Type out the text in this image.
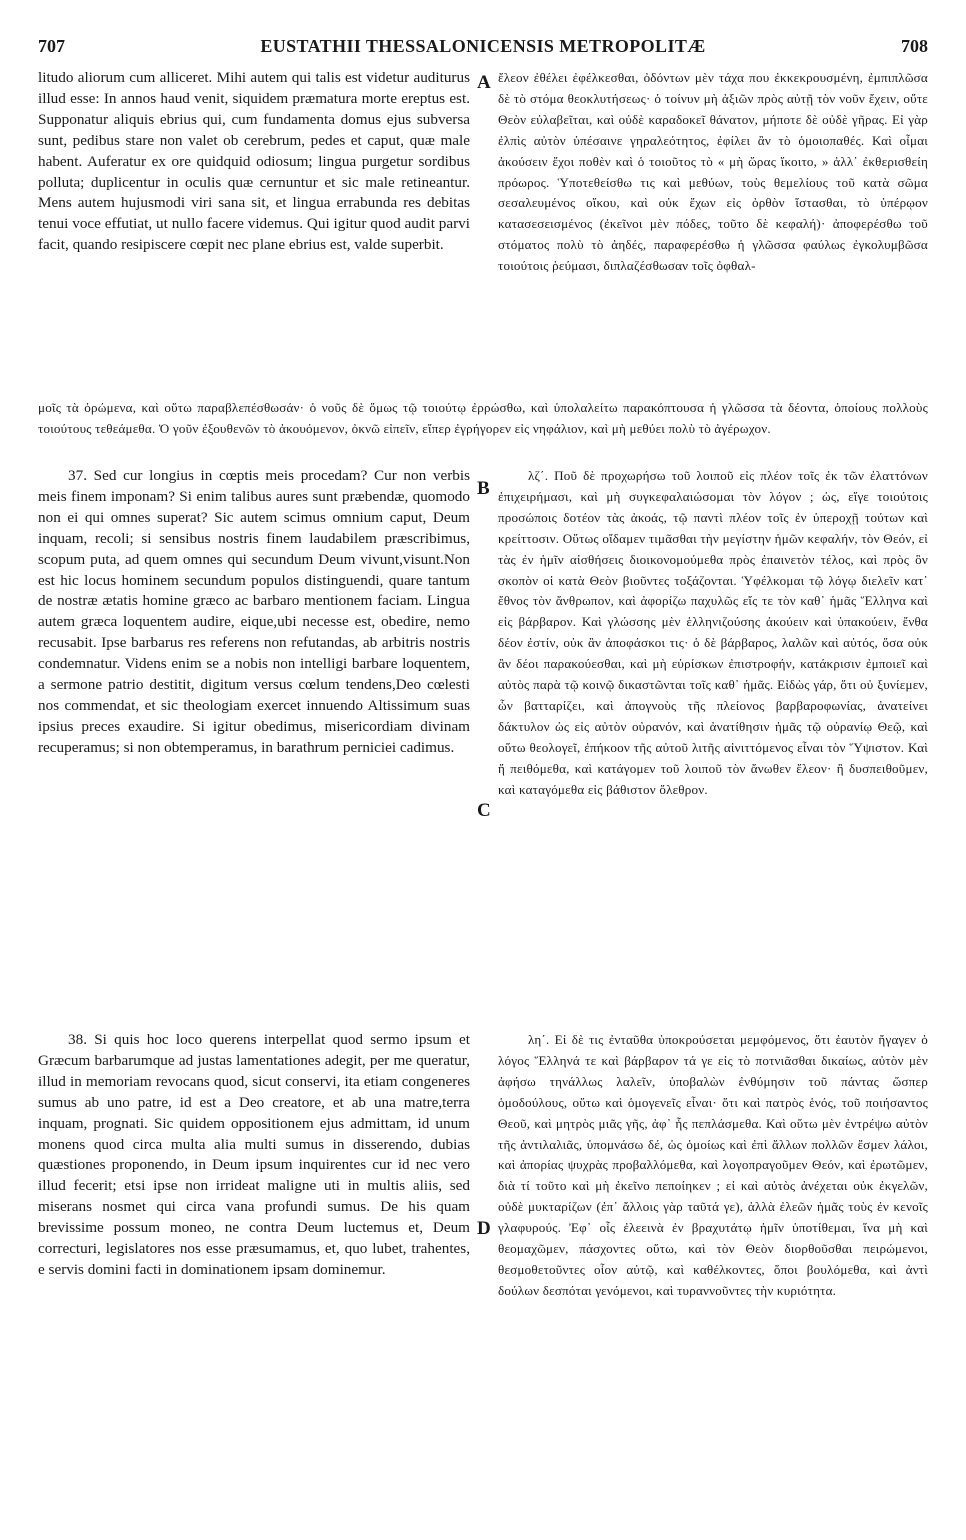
707	EUSTATHII THESSALONICENSIS METROPOLITÆ	708

litudo aliorum cum alliceret. Mihi autem qui talis est videtur auditurus illud esse: In annos haud venit, siquidem præmatura morte ereptus est. Supponatur aliquis ebrius qui, cum fundamenta domus ejus subversa sunt, pedibus stare non valet ob cerebrum, pedes et caput, quæ male habent. Auferatur ex ore quidquid odiosum; lingua purgetur sordibus polluta; duplicentur in oculis quæ cernuntur et sic male retineantur. Mens autem hujusmodi viri sana sit, et lingua errabunda res debitas tenui voce effutiat, ut nullo facere videmus. Qui igitur quod audit parvi facit, quando resipiscere cœpit nec plane ebrius est, valde superbit.

ἔλεον ἐθέλει ἐφέλκεσθαι, ὀδόντων μὲν τάχα που ἐκκεκρουσμένη, ἐμπιπλῶσα δὲ τὸ στόμα θεοκλυτήσεως· ὁ τοίνυν μὴ ἀξιῶν πρὸς αὐτῇ τὸν νοῦν ἔχειν, οὔτε Θεὸν εὐλαβεῖται, καὶ οὐδὲ καραδοκεῖ θάνατον, μήποτε δὲ οὐδὲ γῆρας. Εἰ γὰρ ἐλπὶς αὐτὸν ὑπέσαινε γηραλεότητος, ἐφίλει ἂν τὸ ὁμοιοπαθές. Καὶ οἶμαι ἀκούσειν ἔχοι ποθὲν καὶ ὁ τοιοῦτος τὸ « μὴ ὥρας ἵκοιτο, » ἀλλ᾽ ἐκθερισθείη πρόωρος. Ὑποτεθείσθω τις καὶ μεθύων, τοὺς θεμελίους τοῦ κατὰ σῶμα σεσαλευμένος οἴκου, καὶ οὐκ ἔχων εἰς ὀρθὸν ἵστασθαι, τὸ ὑπέρῳον κατασεσεισμένος (ἐκεῖνοι μὲν πόδες, τοῦτο δὲ κεφαλή)· ἀποφερέσθω τοῦ στόματος πολὺ τὸ ἀηδές, παραφερέσθω ἡ γλῶσσα φαύλως ἐγκολυμβῶσα τοιούτοις ῥεύμασι, διπλαζέσθωσαν τοῖς ὀφθαλ-

μοῖς τὰ ὁρώμενα, καὶ οὕτω παραβλεπέσθωσάν· ὁ νοῦς δὲ ὅμως τῷ τοιούτῳ ἐρρώσθω, καὶ ὑπολαλείτω παρακόπτουσα ἡ γλῶσσα τὰ δέοντα, ὁποίους πολλοὺς τοιούτους τεθεάμεθα. Ὁ γοῦν ἐξουθενῶν τὸ ἀκουόμενον, ὀκνῶ εἰπεῖν, εἴπερ ἐγρήγορεν εἰς νηφάλιον, καὶ μὴ μεθύει πολὺ τὸ ἀγέρωχον.

37. Sed cur longius in cœptis meis procedam? Cur non verbis meis finem imponam? Si enim talibus aures sunt præbendæ, quomodo non ei qui omnes superat? Sic autem scimus omnium caput, Deum inquam, recoli; si sensibus nostris finem laudabilem præscribimus, scopum puta, ad quem omnes qui secundum Deum vivunt,visunt.Non est hic locus hominem secundum populos distinguendi, quare tantum de nostræ ætatis homine græco ac barbaro mentionem faciam. Lingua autem græca loquentem audire, eique,ubi necesse est, obedire, nemo recusabit. Ipse barbarus res referens non refutandas, ab arbitris nostris condemnatur. Videns enim se a nobis non intelligi barbare loquentem, a sermone patrio destitit, digitum versus cœlum tendens,Deo cœlesti nos commendat, et sic theologiam exercet innuendo Altissimum suas ipsius preces exaudire. Si igitur obedimus, misericordiam divinam recuperamus; si non obtemperamus, in barathrum perniciei cadimus.

λζ΄. Ποῦ δὲ προχωρήσω τοῦ λοιποῦ εἰς πλέον τοῖς ἐκ τῶν ἐλαττόνων ἐπιχειρήμασι, καὶ μὴ συγκεφαλαιώσομαι τὸν λόγον ; ὡς, εἴγε τοιούτοις προσώποις δοτέον τὰς ἀκοάς, τῷ παντὶ πλέον τοῖς ἐν ὑπεροχῇ τούτων καὶ κρείττοσιν. Οὕτως οἴδαμεν τιμᾶσθαι τὴν μεγίστην ἡμῶν κεφαλήν, τὸν Θεόν, εἰ τὰς ἐν ἡμῖν αἰσθήσεις διοικονομούμεθα πρὸς ἐπαινετὸν τέλος, καὶ πρὸς ὃν σκοπὸν οἱ κατὰ Θεὸν βιοῦντες τοξάζονται. Ὑφέλκομαι τῷ λόγῳ διελεῖν κατ᾽ ἔθνος τὸν ἄνθρωπον, καὶ ἀφορίζω παχυλῶς εἴς τε τὸν καθ᾽ ἡμᾶς Ἕλληνα καὶ εἰς βάρβαρον. Καὶ γλώσσης μὲν ἑλληνιζούσης ἀκούειν καὶ ὑπακούειν, ἔνθα δέον ἐστίν, οὐκ ἂν ἀποφάσκοι τις· ὁ δὲ βάρβαρος, λαλῶν καὶ αὐτός, ὅσα οὐκ ἂν δέοι παρακούεσθαι, καὶ μὴ εὑρίσκων ἐπιστροφήν, κατάκρισιν ἐμποιεῖ καὶ αὐτὸς παρὰ τῷ κοινῷ δικαστῶνται τοῖς καθ᾽ ἡμᾶς. Εἰδὼς γάρ, ὅτι οὐ ξυνίεμεν, ὧν βατταρίζει, καὶ ἀπογνοὺς τῆς πλείονος βαρβαροφωνίας, ἀνατείνει δάκτυλον ὡς εἰς αὐτὸν οὐρανόν, καὶ ἀνατίθησιν ἡμᾶς τῷ οὐρανίῳ Θεῷ, καὶ οὕτω θεολογεῖ, ἐπήκοον τῆς αὐτοῦ λιτῆς αἰνιττόμενος εἶναι τὸν Ὕψιστον. Καὶ ἤ πειθόμεθα, καὶ κατάγομεν τοῦ λοιποῦ τὸν ἄνωθεν ἔλεον· ἢ δυσπειθοῦμεν, καὶ καταγόμεθα εἰς βάθιστον ὄλεθρον.

38. Si quis hoc loco querens interpellat quod sermo ipsum et Græcum barbarumque ad justas lamentationes adegit, per me queratur, illud in memoriam revocans quod, sicut conservi, ita etiam congeneres sumus ab uno patre, id est a Deo creatore, et ab una matre,terra inquam, prognati. Sic quidem oppositionem ejus admittam, id unum monens quod circa multa alia multi sumus in disserendo, dubias quæstiones proponendo, in Deum ipsum inquirentes cur id nec vero illud fecerit; etsi ipse non irrideat maligne uti in multis aliis, sed miserans nosmet qui circa vana profundi sumus. De his quam brevissime possum moneo, ne contra Deum luctemus et, Deum correcturi, legislatores nos esse præsumamus, et, quo lubet, trahentes, e servis domini facti in dominationem ipsam dominemur.

λη΄. Εἰ δὲ τις ἐνταῦθα ὑποκρούσεται μεμφόμενος, ὅτι ἑαυτὸν ἤγαγεν ὁ λόγος Ἕλληνά τε καὶ βάρβαρον τά γε εἰς τὸ ποτνιᾶσθαι δικαίως, αὐτὸν μὲν ἀφήσω τηνάλλως λαλεῖν, ὑποβαλὼν ἐνθύμησιν τοῦ πάντας ὥσπερ ὁμοδούλους, οὕτω καὶ ὁμογενεῖς εἶναι· ὅτι καὶ πατρὸς ἑνός, τοῦ ποιήσαντος Θεοῦ, καὶ μητρὸς μιᾶς γῆς, ἀφ᾽ ἧς πεπλάσμεθα. Καὶ οὕτω μὲν ἐντρέψω αὐτὸν τῆς ἀντιλαλιᾶς, ὑπομνάσω δέ, ὡς ὁμοίως καὶ ἐπὶ ἄλλων πολλῶν ἔσμεν λάλοι, καὶ ἀπορίας ψυχρὰς προβαλλόμεθα, καὶ λογοπραγοῦμεν Θεόν, καὶ ἐρωτῶμεν, διὰ τί τοῦτο καὶ μὴ ἐκεῖνο πεποίηκεν ; εἰ καὶ αὐτὸς ἀνέχεται οὐκ ἐκγελῶν, οὐδὲ μυκταρίζων (ἐπ᾽ ἄλλοις γὰρ ταῦτά γε), ἀλλὰ ἐλεῶν ἡμᾶς τοὺς ἐν κενοῖς γλαφυρούς. Ἐφ᾽ οἷς ἐλεεινὰ ἐν βραχυτάτῳ ἡμῖν ὑποτίθεμαι, ἵνα μὴ καὶ θεομαχῶμεν, πάσχοντες οὕτω, καὶ τὸν Θεὸν διορθοῦσθαι πειρώμενοι, θεσμοθετοῦντες οἷον αὐτῷ, καὶ καθέλκοντες, ὅποι βουλόμεθα, καὶ ἀντὶ δούλων δεσπόται γενόμενοι, καὶ τυραννοῦντες τὴν κυριότητα.

A
B
C
D
